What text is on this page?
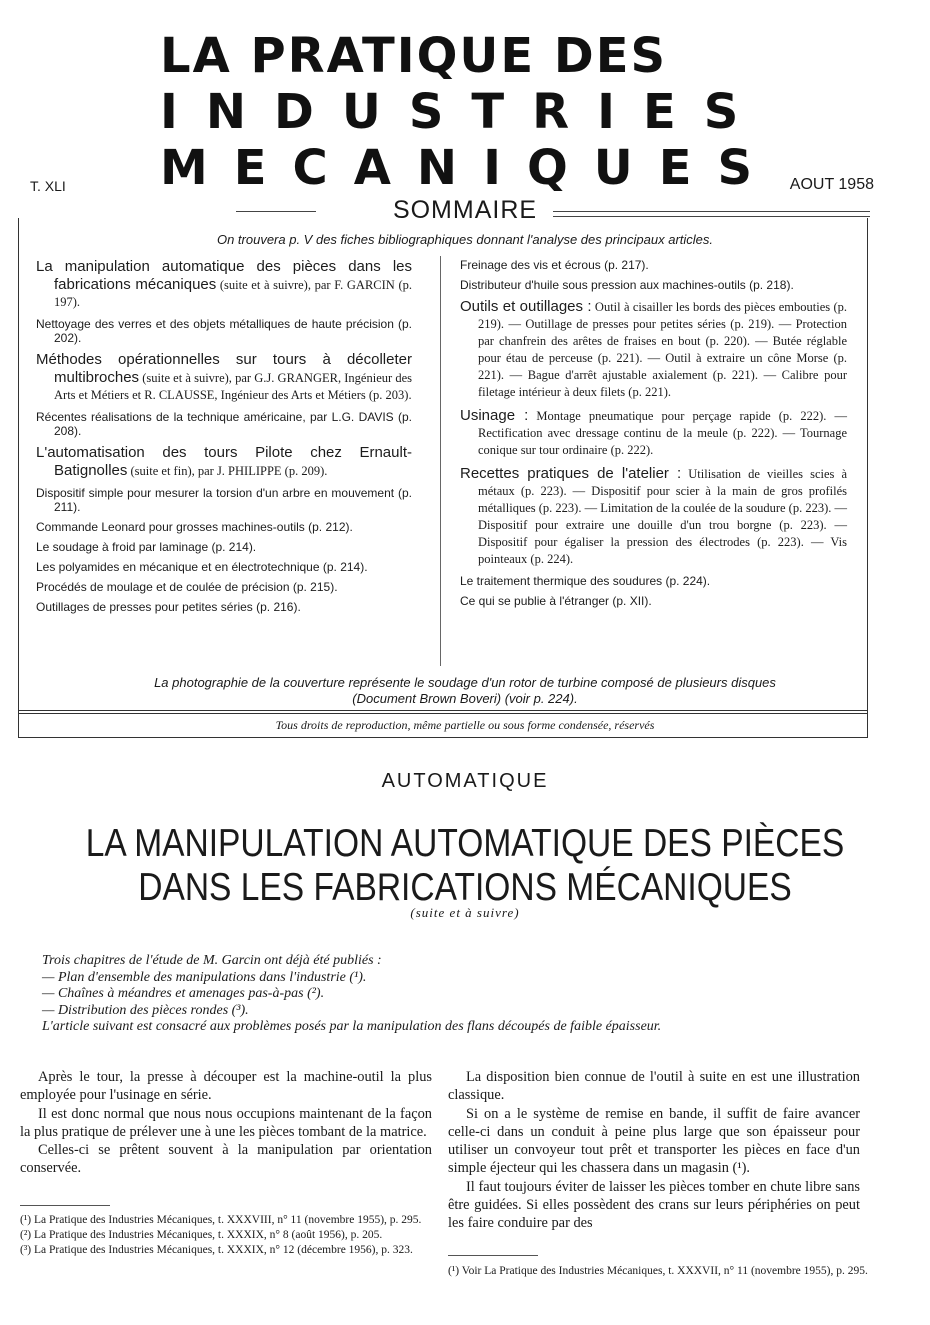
LA PRATIQUE DES
INDUSTRIES
MECANIQUES
T. XLI	AOUT 1958
SOMMAIRE
On trouvera p. V des fiches bibliographiques donnant l'analyse des principaux articles.
La manipulation automatique des pièces dans les fabrications mécaniques (suite et à suivre), par F. GARCIN (p. 197).
Nettoyage des verres et des objets métalliques de haute précision (p. 202).
Méthodes opérationnelles sur tours à décolleter multibroches (suite et à suivre), par G.J. GRANGER, Ingénieur des Arts et Métiers et R. CLAUSSE, Ingénieur des Arts et Métiers (p. 203).
Récentes réalisations de la technique américaine, par L.G. DAVIS (p. 208).
L'automatisation des tours Pilote chez Ernault-Batignolles (suite et fin), par J. PHILIPPE (p. 209).
Dispositif simple pour mesurer la torsion d'un arbre en mouvement (p. 211).
Commande Leonard pour grosses machines-outils (p. 212).
Le soudage à froid par laminage (p. 214).
Les polyamides en mécanique et en électrotechnique (p. 214).
Procédés de moulage et de coulée de précision (p. 215).
Outillages de presses pour petites séries (p. 216).
Freinage des vis et écrous (p. 217).
Distributeur d'huile sous pression aux machines-outils (p. 218).
Outils et outillages : Outil à cisailler les bords des pièces embouties (p. 219). — Outillage de presses pour petites séries (p. 219). — Protection par chanfrein des arêtes de fraises en bout (p. 220). — Butée réglable pour étau de perceuse (p. 221). — Outil à extraire un cône Morse (p. 221). — Bague d'arrêt ajustable axialement (p. 221). — Calibre pour filetage intérieur à deux filets (p. 221).
Usinage : Montage pneumatique pour perçage rapide (p. 222). — Rectification avec dressage continu de la meule (p. 222). — Tournage conique sur tour ordinaire (p. 222).
Recettes pratiques de l'atelier : Utilisation de vieilles scies à métaux (p. 223). — Dispositif pour scier à la main de gros profilés métalliques (p. 223). — Limitation de la coulée de la soudure (p. 223). — Dispositif pour extraire une douille d'un trou borgne (p. 223). — Dispositif pour égaliser la pression des électrodes (p. 223). — Vis pointeaux (p. 224).
Le traitement thermique des soudures (p. 224).
Ce qui se publie à l'étranger (p. XII).
La photographie de la couverture représente le soudage d'un rotor de turbine composé de plusieurs disques
(Document Brown Boveri) (voir p. 224).
Tous droits de reproduction, même partielle ou sous forme condensée, réservés
AUTOMATIQUE
LA MANIPULATION AUTOMATIQUE DES PIÈCES
DANS LES FABRICATIONS MÉCANIQUES
(suite et à suivre)
Trois chapitres de l'étude de M. Garcin ont déjà été publiés :
— Plan d'ensemble des manipulations dans l'industrie (¹).
— Chaînes à méandres et amenages pas-à-pas (²).
— Distribution des pièces rondes (³).
L'article suivant est consacré aux problèmes posés par la manipulation des flans découpés de faible épaisseur.

Après le tour, la presse à découper est la machine-outil la plus employée pour l'usinage en série.

Il est donc normal que nous nous occupions maintenant de la façon la plus pratique de prélever une à une les pièces tombant de la matrice.

Celles-ci se prêtent souvent à la manipulation par orientation conservée.

La disposition bien connue de l'outil à suite en est une illustration classique.

Si on a le système de remise en bande, il suffit de faire avancer celle-ci dans un conduit à peine plus large que son épaisseur pour utiliser un convoyeur tout prêt et transporter les pièces en face d'un simple éjecteur qui les chassera dans un magasin (¹).

Il faut toujours éviter de laisser les pièces tomber en chute libre sans être guidées. Si elles possèdent des crans sur leurs périphéries on peut les faire conduire par des

(¹) La Pratique des Industries Mécaniques, t. XXXVIII, n° 11 (novembre 1955), p. 295.

(²) La Pratique des Industries Mécaniques, t. XXXIX, n° 8 (août 1956), p. 205.

(³) La Pratique des Industries Mécaniques, t. XXXIX, n° 12 (décembre 1956), p. 323.

(¹) Voir La Pratique des Industries Mécaniques, t. XXXVII, n° 11 (novembre 1955), p. 295.
